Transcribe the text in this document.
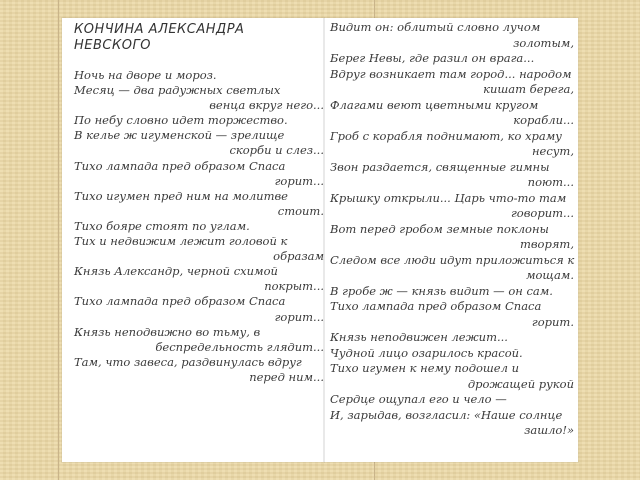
КОНЧИНА АЛЕКСАНДРА
НЕВСКОГО
Ночь на дворе и мороз.
Месяц — два радужных светлых
венца вкруг него...
По небу словно идет торжество.
В келье ж игуменской — зрелище
скорби и слез...
Тихо лампада пред образом Спаса
горит...
Тихо игумен пред ним на молитве
стоит.
Тихо бояре стоят по углам.
Тих и недвижим лежит головой к
образам
Князь Александр, черной схимой
покрыт...
Тихо лампада пред образом Спаса
горит...
Князь неподвижно во тьму, в
беспредельность глядит...
Там, что завеса, раздвинулась вдруг
перед ним...
Видит он: облитый словно лучом
золотым,
Берег Невы, где разил он врага...
Вдруг возникает там город... народом
кишат берега,
Флагами веют цветными кругом
корабли...
Гроб с корабля поднимают, ко храму
несут,
Звон раздается, священные гимны
поют...
Крышку открыли... Царь что-то там
говорит...
Вот перед гробом земные поклоны
творят,
Следом все люди идут приложиться к
мощам.
В гробе ж — князь видит — он сам.
Тихо лампада пред образом Спаса
горит.
Князь неподвижен лежит...
Чудной лицо озарилось красой.
Тихо игумен к нему подошел и
дрожащей рукой
Сердце ощупал его и чело —
И, зарыдав, возгласил: «Наше солнце
зашло!»
